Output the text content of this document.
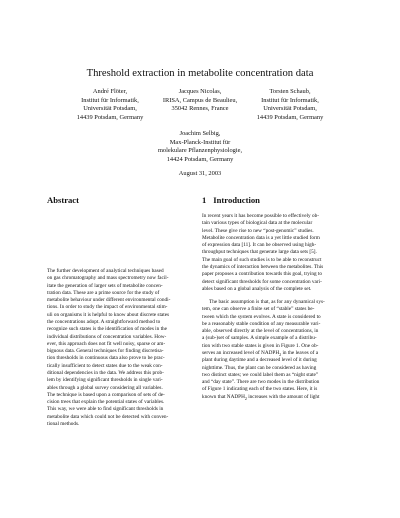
Threshold extraction in metabolite concentration data
André Flöter,
Institut für Informatik,
Universität Potsdam,
14439 Potsdam, Germany
Jacques Nicolas,
IRISA, Campus de Beaulieu,
35042 Rennes, France
Torsten Schaub,
Institut für Informatik,
Universität Potsdam,
14439 Potsdam, Germany
Joachim Selbig,
Max-Planck-Institut für
molekulare Pflanzenphysiologie,
14424 Potsdam, Germany
August 31, 2003
Abstract	1 Introduction
The further development of analytical techniques based
on gas chromatography and mass spectrometry now facil-
itate the generation of larger sets of metabolite concen-
tration data. These are a prime source for the study of
metabolite behaviour under different environmental condi-
tions. In order to study the impact of environmental stim-
uli on organisms it is helpful to know about discrete states
the concentrations adopt. A straightforward method to
recognize such states is the identification of modes in the
individual distributions of concentration variables. How-
ever, this approach does not fit well noisy, sparse or am-
biguous data. General techniques for finding discretisa-
tion thresholds in continuous data also prove to be prac-
tically insufficient to detect states due to the weak con-
ditional dependencies in the data. We address this prob-
lem by identifying significant thresholds in single vari-
ables through a global survey considering all variables.
The technique is based upon a comparison of sets of de-
cision trees that explain the potential states of variables.
This way, we were able to find significant thresholds in
metabolite data which could not be detected with conven-
tional methods.
In recent years it has become possible to effectively ob-
tain various types of biological data at the molecular
level. These give rise to new “post-genomic” studies.
Metabolite concentration data is a yet little studied form
of expression data [11]. It can be observed using high-
throughput techniques that generate large data sets [5].
The main goal of such studies is to be able to reconstruct
the dynamics of interaction between the metabolites. This
paper proposes a contribution towards this goal, trying to
detect significant thresholds for some concentration vari-
ables based on a global analysis of the complete set.
The basic assumption is that, as for any dynamical sys-
tem, one can observe a finite set of “stable” states be-
tween which the system evolves. A state is considered to
be a reasonably stable condition of any measurable vari-
able, observed directly at the level of concentrations, in
a (sub-)set of samples. A simple example of a distribu-
tion with two stable states is given in Figure 1. One ob-
serves an increased level of $NADPH_2$ in the leaves of a
plant during daytime and a decreased level of it during
nighttime. Thus, the plant can be considered as having
two distinct states; we could label them as “night state”
and “day state”. There are two modes in the distribution
of Figure 1 indicating each of the two states. Here, it is
known that $NADPH_2$ increases with the amount of light
